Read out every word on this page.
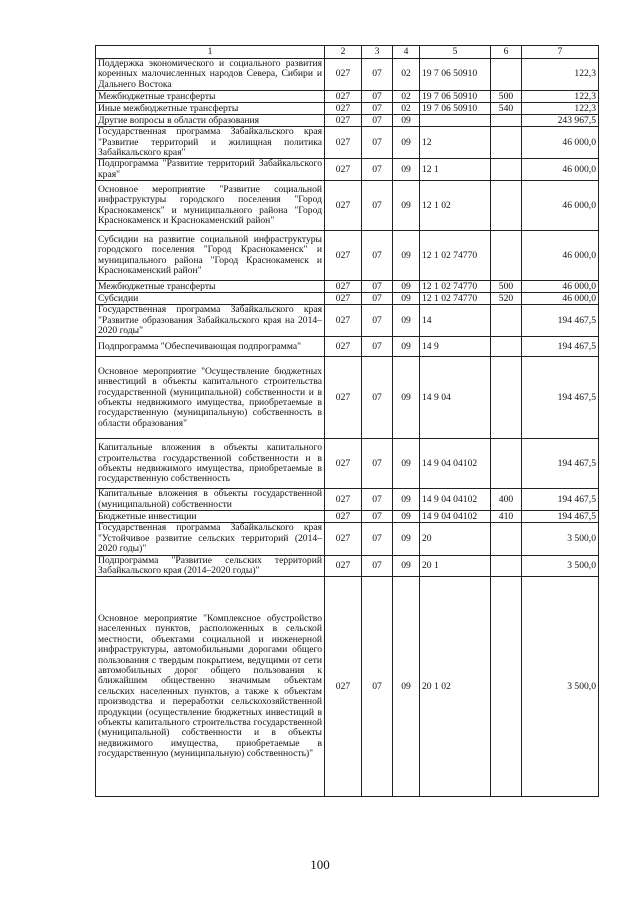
1	2	3	4	5	6	7
Поддержка экономического и социального развития коренных малочисленных народов Севера, Сибири и Дальнего Востока	027	07	02	19 7 06 50910		122,3
Межбюджетные трансферты	027	07	02	19 7 06 50910	500	122,3
Иные межбюджетные трансферты	027	07	02	19 7 06 50910	540	122,3
Другие вопросы в области образования	027	07	09			243 967,5
Государственная программа Забайкальского края "Развитие территорий и жилищная политика Забайкальского края"	027	07	09	12		46 000,0
Подпрограмма "Развитие территорий Забайкальского края"	027	07	09	12 1		46 000,0
Основное мероприятие "Развитие социальной инфраструктуры городского поселения "Город Краснокаменск" и муниципального района "Город Краснокаменск и Краснокаменский район"	027	07	09	12 1 02		46 000,0
Субсидии на развитие социальной инфраструктуры городского поселения "Город Краснокаменск" и муниципального района "Город Краснокаменск и Краснокаменский район"	027	07	09	12 1 02 74770		46 000,0
Межбюджетные трансферты	027	07	09	12 1 02 74770	500	46 000,0
Субсидии	027	07	09	12 1 02 74770	520	46 000,0
Государственная программа Забайкальского края "Развитие образования Забайкальского края на 2014–2020 годы"	027	07	09	14		194 467,5
Подпрограмма "Обеспечивающая подпрограмма"	027	07	09	14 9		194 467,5
Основное мероприятие "Осуществление бюджетных инвестиций в объекты капитального строительства государственной (муниципальной) собственности и в объекты недвижимого имущества, приобретаемые в государственную (муниципальную) собственность в области образования"	027	07	09	14 9 04		194 467,5
Капитальные вложения в объекты капитального строительства государственной собственности и в объекты недвижимого имущества, приобретаемые в государственную собственность	027	07	09	14 9 04 04102		194 467,5
Капитальные вложения в объекты государственной (муниципальной) собственности	027	07	09	14 9 04 04102	400	194 467,5
Бюджетные инвестиции	027	07	09	14 9 04 04102	410	194 467,5
Государственная программа Забайкальского края "Устойчивое развитие сельских территорий (2014–2020 годы)"	027	07	09	20		3 500,0
Подпрограмма "Развитие сельских территорий Забайкальского края (2014–2020 годы)"	027	07	09	20 1		3 500,0
Основное мероприятие "Комплексное обустройство населенных пунктов, расположенных в сельской местности, объектами социальной и инженерной инфраструктуры, автомобильными дорогами общего пользования с твердым покрытием, ведущими от сети автомобильных дорог общего пользования к ближайшим общественно значимым объектам сельских населенных пунктов, а также к объектам производства и переработки сельскохозяйственной продукции (осуществление бюджетных инвестиций в объекты капитального строительства государственной (муниципальной) собственности и в объекты недвижимого имущества, приобретаемые в государственную (муниципальную) собственность)"	027	07	09	20 1 02		3 500,0
100
